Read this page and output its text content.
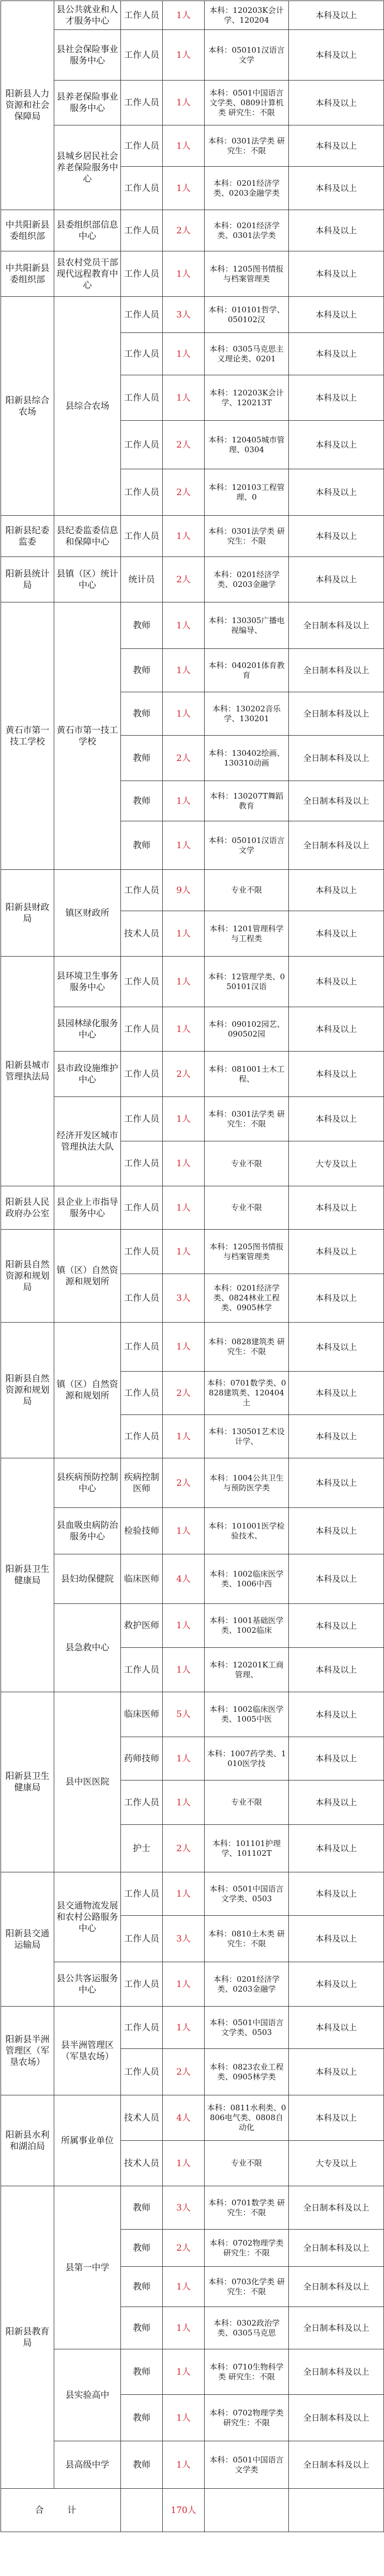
阳新县人力资源和社会保障局	县公共就业和人才服务中心	工作人员	1人	本科：120203K会计学、120204	本科及以上
	县社会保险事业服务中心	工作人员	1人	本科：050101汉语言文学	本科及以上
	县养老保险事业服务中心	工作人员	1人	本科：0501中国语言文学类、0809计算机类 研究生：不限	本科及以上
	县城乡居民社会养老保险服务中心	工作人员	1人	本科：0301法学类 研究生：不限	本科及以上
		工作人员	1人	本科：0201经济学类、0203金融学类	本科及以上
中共阳新县委组织部	县委组织部信息中心	工作人员	2人	本科：0201经济学类、0301法学类	本科及以上
中共阳新县委组织部	县农村党员干部现代远程教育中心	工作人员	1人	本科：1205图书情报与档案管理类	本科及以上
阳新县综合农场	县综合农场	工作人员	3人	本科：010101哲学、050102汉	本科及以上
		工作人员	1人	本科：0305马克思主义理论类、0201	本科及以上
		工作人员	1人	本科：120203K会计学、120213T	本科及以上
		工作人员	2人	本科：120405城市管理、0304	本科及以上
		工作人员	2人	本科：120103工程管理、0	本科及以上
阳新县纪委监委	县纪委监委信息和保障中心	工作人员	1人	本科：0301法学类 研究生：不限	本科及以上
阳新县统计局	县镇（区）统计中心	统计员	2人	本科：0201经济学类、0203金融学	本科及以上
黄石市第一技工学校	黄石市第一技工学校	教师	1人	本科：130305广播电视编导、	全日制本科及以上
		教师	1人	本科：040201体育教育	全日制本科及以上
		教师	1人	本科：130202音乐学、130201	全日制本科及以上
		教师	2人	本科：130402绘画、130310动画	全日制本科及以上
		教师	1人	本科：130207T舞蹈教育	全日制本科及以上
		教师	1人	本科：050101汉语言文学	全日制本科及以上
阳新县财政局	镇区财政所	工作人员	9人	专业不限	本科及以上
		技术人员	1人	本科：1201管理科学与工程类	本科及以上
阳新县城市管理执法局	县环境卫生事务服务中心	工作人员	1人	本科：12管理学类、050101汉语	本科及以上
	县园林绿化服务中心	工作人员	1人	本科：090102园艺、090502园	本科及以上
	县市政设施维护中心	工作人员	2人	本科：081001土木工程、	本科及以上
	经济开发区城市管理执法大队	工作人员	1人	本科：0301法学类 研究生：不限	本科及以上
		工作人员	1人	专业不限	大专及以上
阳新县人民政府办公室	县企业上市指导服务中心	工作人员	1人	专业不限	本科及以上
阳新县自然资源和规划局	镇（区）自然资源和规划所	工作人员	1人	本科：1205图书情报与档案管理类	本科及以上
		工作人员	3人	本科：0201经济学类、0824林业工程类、0905林学	本科及以上
阳新县自然资源和规划局	镇（区）自然资源和规划所	工作人员	1人	本科：0828建筑类 研究生：不限	本科及以上
		工作人员	2人	本科：0701数学类、0828建筑类、120404土	本科及以上
		工作人员	1人	本科：130501艺术设计学、	本科及以上
阳新县卫生健康局	县疾病预防控制中心	疾病控制医师	2人	本科：1004公共卫生与预防医学类	本科及以上
	县血吸虫病防治服务中心	检验技师	1人	本科：101001医学检验技术、	本科及以上
	县妇幼保健院	临床医师	4人	本科：1002临床医学类、1006中西	本科及以上
	县急救中心	救护医师	1人	本科：1001基础医学类、1002临床	本科及以上
		工作人员	1人	本科：120201K工商管理、	本科及以上
阳新县卫生健康局	县中医医院	临床医师	5人	本科：1002临床医学类、1005中医	本科及以上
		药师技师	1人	本科：1007药学类、1010医学技	本科及以上
		工作人员	1人	专业不限	本科及以上
		护士	2人	本科：101101护理学、101102T	本科及以上
阳新县交通运输局	县交通物流发展和农村公路服务中心	工作人员	1人	本科：0501中国语言文学类、0503	本科及以上
		工作人员	3人	本科：0810土木类 研究生：不限	本科及以上
	县公共客运服务中心	工作人员	1人	本科：0201经济学类、0203金融学	本科及以上
阳新县半洲管理区（军垦农场）	县半洲管理区（军垦农场）	工作人员	1人	本科：0501中国语言文学类、0503	本科及以上
		工作人员	2人	本科：0823农业工程类、0905林学类	本科及以上
阳新县水利和湖泊局	所属事业单位	技术人员	4人	本科：0811水利类、0806电气类、0808自动化	本科及以上
		技术人员	1人	专业不限	大专及以上
阳新县教育局	县第一中学	教师	3人	本科：0701数学类 研究生：不限	全日制本科及以上
		教师	2人	本科：0702物理学类 研究生：不限	全日制本科及以上
		教师	1人	本科：0703化学类 研究生：不限	全日制本科及以上
		教师	1人	本科：0302政治学类、0305马克思	全日制本科及以上
	县实验高中	教师	1人	本科：0710生物科学类 研究生：不限	全日制本科及以上
		教师	1人	本科：0702物理学类 研究生：不限	全日制本科及以上
	县高级中学	教师	1人	本科：0501中国语言文学类	全日制本科及以上
合 计			170人		
